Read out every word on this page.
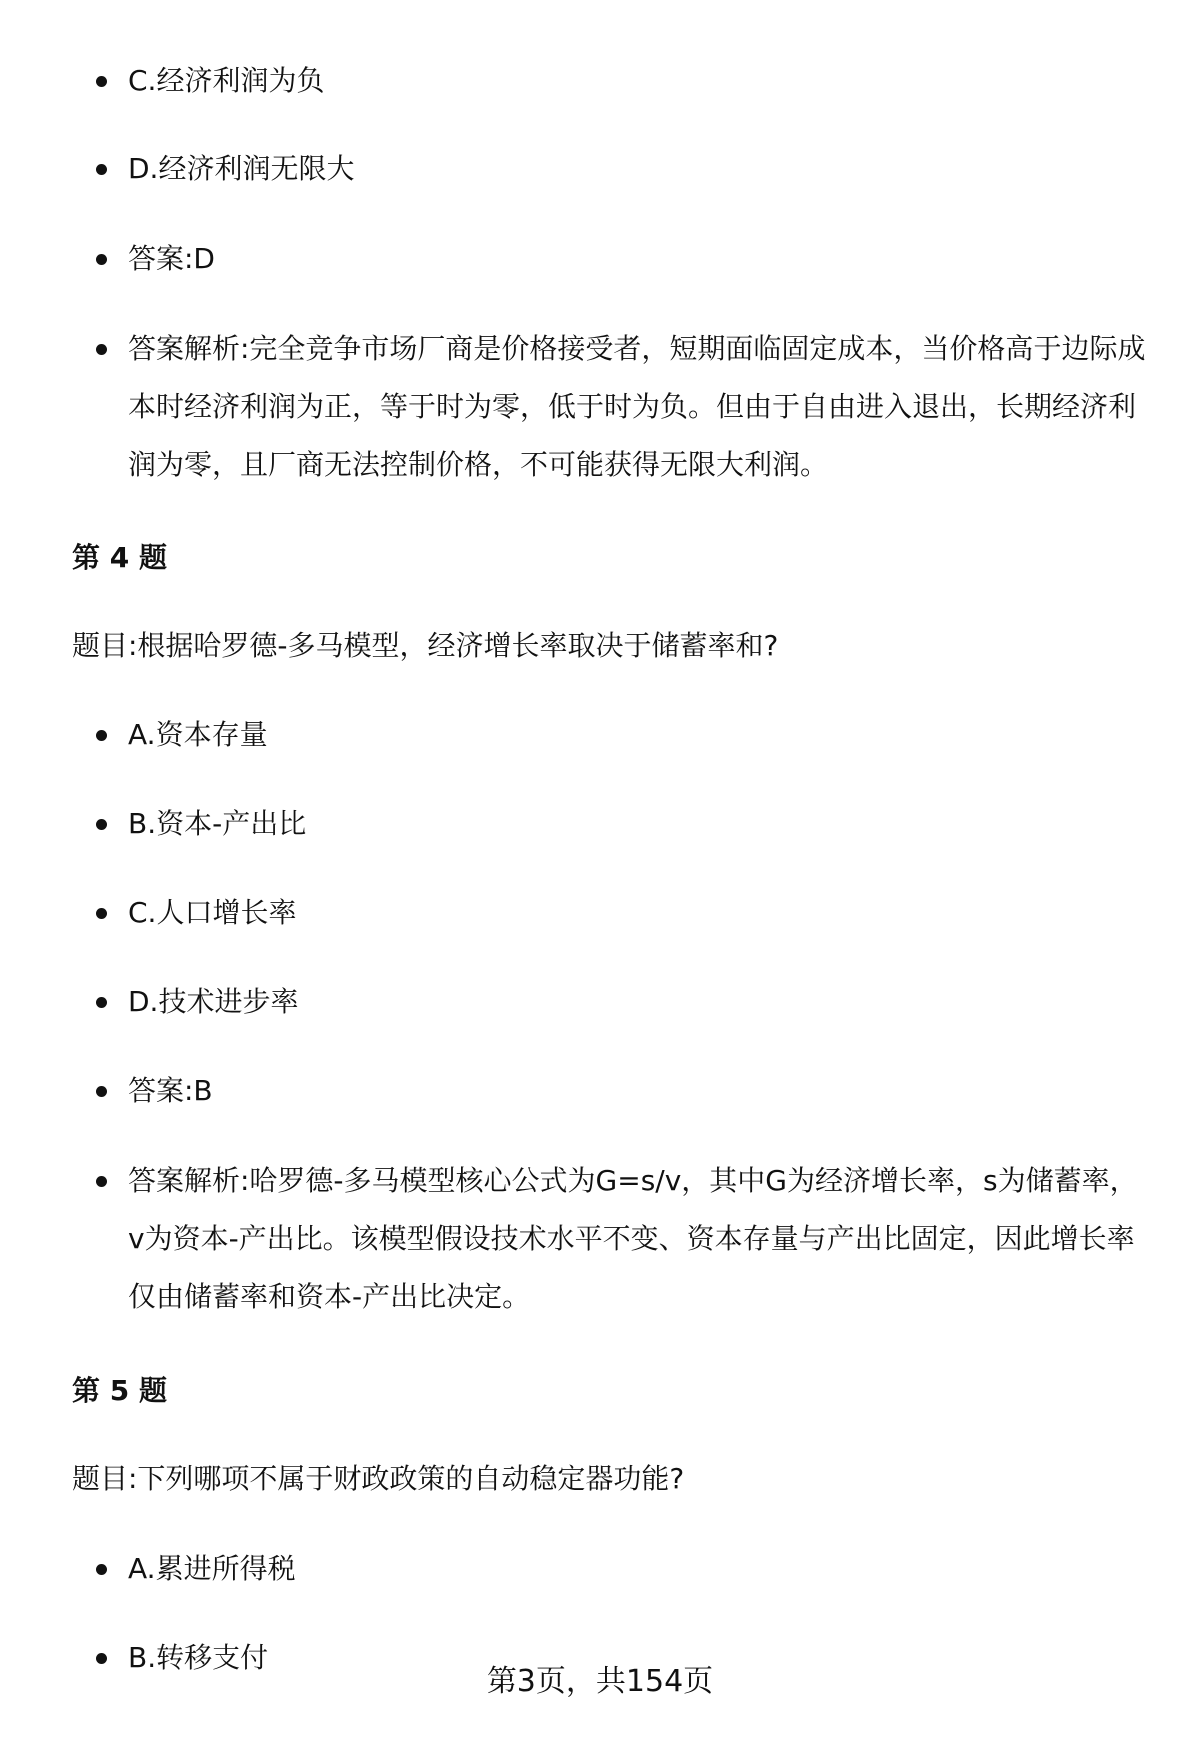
C.经济利润为负
D.经济利润无限大
答案:D
答案解析:完全竞争市场厂商是价格接受者，短期面临固定成本，当价格高于边际成本时经济利润为正，等于时为零，低于时为负。但由于自由进入退出，长期经济利润为零，且厂商无法控制价格，不可能获得无限大利润。
第 4 题
题目:根据哈罗德-多马模型，经济增长率取决于储蓄率和?
A.资本存量
B.资本-产出比
C.人口增长率
D.技术进步率
答案:B
答案解析:哈罗德-多马模型核心公式为G=s/v，其中G为经济增长率，s为储蓄率，v为资本-产出比。该模型假设技术水平不变、资本存量与产出比固定，因此增长率仅由储蓄率和资本-产出比决定。
第 5 题
题目:下列哪项不属于财政政策的自动稳定器功能?
A.累进所得税
B.转移支付
第3页，共154页
